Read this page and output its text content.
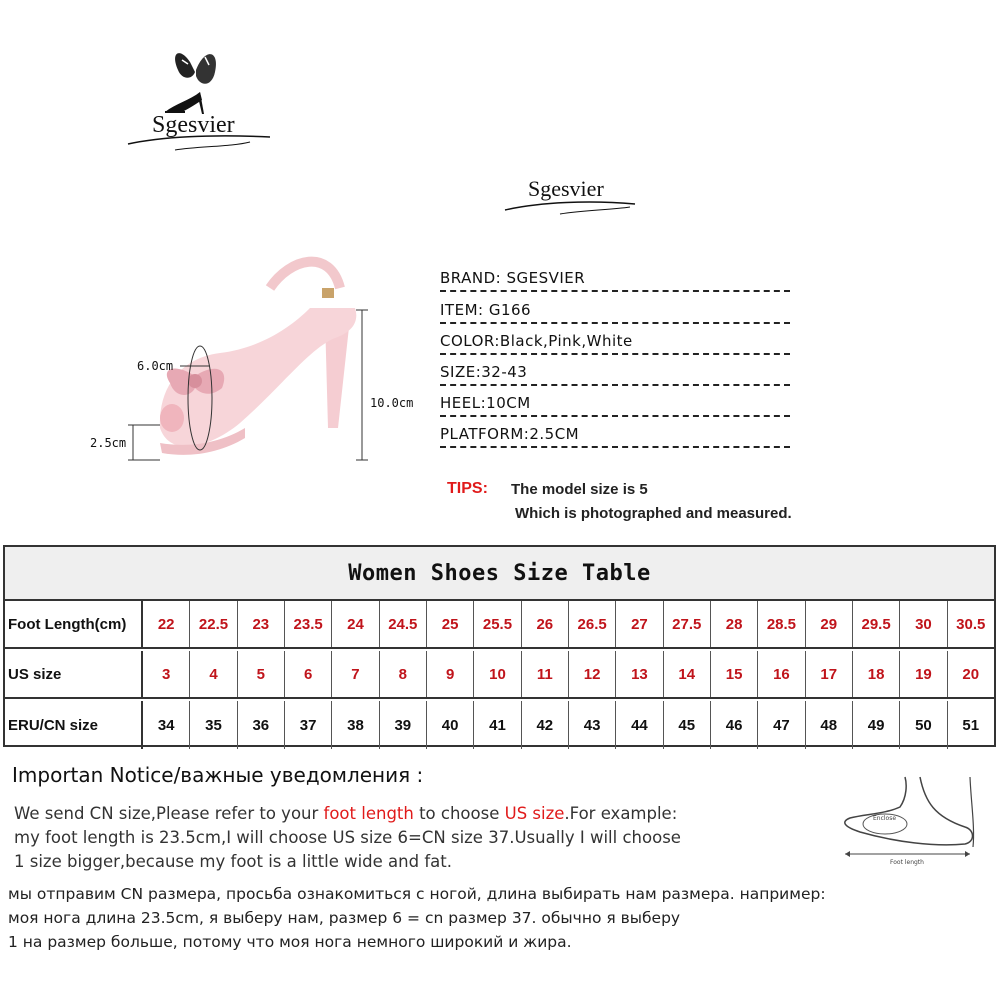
Sgesvier
Sgesvier
6.0cm
10.0cm
2.5cm
BRAND: SGESVIER
ITEM: G166
COLOR:Black,Pink,White
SIZE:32-43
HEEL:10CM
PLATFORM:2.5CM
TIPS: The model size is 5
Which is photographed and measured.
Women Shoes Size Table
Foot Length(cm)	22	22.5	23	23.5	24	24.5	25	25.5	26	26.5	27	27.5	28	28.5	29	29.5	30	30.5
US size	3	4	5	6	7	8	9	10	11	12	13	14	15	16	17	18	19	20
ERU/CN size	34	35	36	37	38	39	40	41	42	43	44	45	46	47	48	49	50	51
Importan Notice/важные уведомления :
We send CN size,Please refer to your foot length to choose US size.For example:
my foot length is 23.5cm,I will choose US size 6=CN size 37.Usually I will choose
1 size bigger,because my foot is a little wide and fat.
мы отправим CN размера, просьба ознакомиться с ногой, длина выбирать нам размера. например:
моя нога длина 23.5cm, я выберу нам, размер 6 = cn размер 37. обычно я выберу
1 на размер больше, потому что моя нога немного широкий и жира.
Enclose
Foot length
